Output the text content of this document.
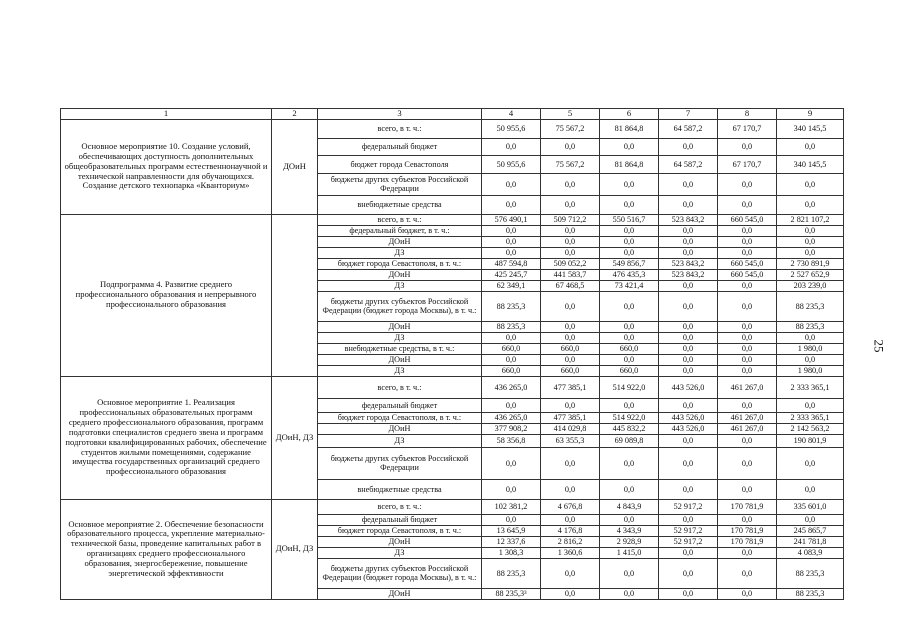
25
1	2	3	4	5	6	7	8	9
Основное мероприятие 10. Создание условий, обеспечивающих доступность дополнительных общеобразовательных программ естественнонаучной и технической направленности для обучающихся. Создание детского технопарка «Кванториум»	ДОиН	всего, в т. ч.:	50 955,6	75 567,2	81 864,8	64 587,2	67 170,7	340 145,5
		федеральный бюджет	0,0	0,0	0,0	0,0	0,0	0,0
		бюджет города Севастополя	50 955,6	75 567,2	81 864,8	64 587,2	67 170,7	340 145,5
		бюджеты других субъектов Российской Федерации	0,0	0,0	0,0	0,0	0,0	0,0
		внебюджетные средства	0,0	0,0	0,0	0,0	0,0	0,0
Подпрограмма 4. Развитие среднего профессионального образования и непрерывного профессионального образования		всего, в т. ч.:	576 490,1	509 712,2	550 516,7	523 843,2	660 545,0	2 821 107,2
		федеральный бюджет, в т. ч.:	0,0	0,0	0,0	0,0	0,0	0,0
		ДОиН	0,0	0,0	0,0	0,0	0,0	0,0
		ДЗ	0,0	0,0	0,0	0,0	0,0	0,0
		бюджет города Севастополя, в т. ч.:	487 594,8	509 052,2	549 856,7	523 843,2	660 545,0	2 730 891,9
		ДОиН	425 245,7	441 583,7	476 435,3	523 843,2	660 545,0	2 527 652,9
		ДЗ	62 349,1	67 468,5	73 421,4	0,0	0,0	203 239,0
		бюджеты других субъектов Российской Федерации (бюджет города Москвы), в т. ч.:	88 235,3	0,0	0,0	0,0	0,0	88 235,3
		ДОиН	88 235,3	0,0	0,0	0,0	0,0	88 235,3
		ДЗ	0,0	0,0	0,0	0,0	0,0	0,0
		внебюджетные средства, в т. ч.:	660,0	660,0	660,0	0,0	0,0	1 980,0
		ДОиН	0,0	0,0	0,0	0,0	0,0	0,0
		ДЗ	660,0	660,0	660,0	0,0	0,0	1 980,0
Основное мероприятие 1. Реализация профессиональных образовательных программ среднего профессионального образования, программ подготовки специалистов среднего звена и программ подготовки квалифицированных рабочих, обеспечение студентов жилыми помещениями, содержание имущества государственных организаций среднего профессионального образования	ДОиН, ДЗ	всего, в т. ч.:	436 265,0	477 385,1	514 922,0	443 526,0	461 267,0	2 333 365,1
		федеральный бюджет	0,0	0,0	0,0	0,0	0,0	0,0
		бюджет города Севастополя, в т. ч.:	436 265,0	477 385,1	514 922,0	443 526,0	461 267,0	2 333 365,1
		ДОиН	377 908,2	414 029,8	445 832,2	443 526,0	461 267,0	2 142 563,2
		ДЗ	58 356,8	63 355,3	69 089,8	0,0	0,0	190 801,9
		бюджеты других субъектов Российской Федерации	0,0	0,0	0,0	0,0	0,0	0,0
		внебюджетные средства	0,0	0,0	0,0	0,0	0,0	0,0
Основное мероприятие 2. Обеспечение безопасности образовательного процесса, укрепление материально-технической базы, проведение капитальных работ в организациях среднего профессионального образования, энергосбережение, повышение энергетической эффективности	ДОиН, ДЗ	всего, в т. ч.:	102 381,2	4 676,8	4 843,9	52 917,2	170 781,9	335 601,0
		федеральный бюджет	0,0	0,0	0,0	0,0	0,0	0,0
		бюджет города Севастополя, в т. ч.:	13 645,9	4 176,8	4 343,9	52 917,2	170 781,9	245 865,7
		ДОиН	12 337,6	2 816,2	2 928,9	52 917,2	170 781,9	241 781,8
		ДЗ	1 308,3	1 360,6	1 415,0	0,0	0,0	4 083,9
		бюджеты других субъектов Российской Федерации (бюджет города Москвы), в т. ч.:	88 235,3	0,0	0,0	0,0	0,0	88 235,3
		ДОиН	88 235,3³	0,0	0,0	0,0	0,0	88 235,3
